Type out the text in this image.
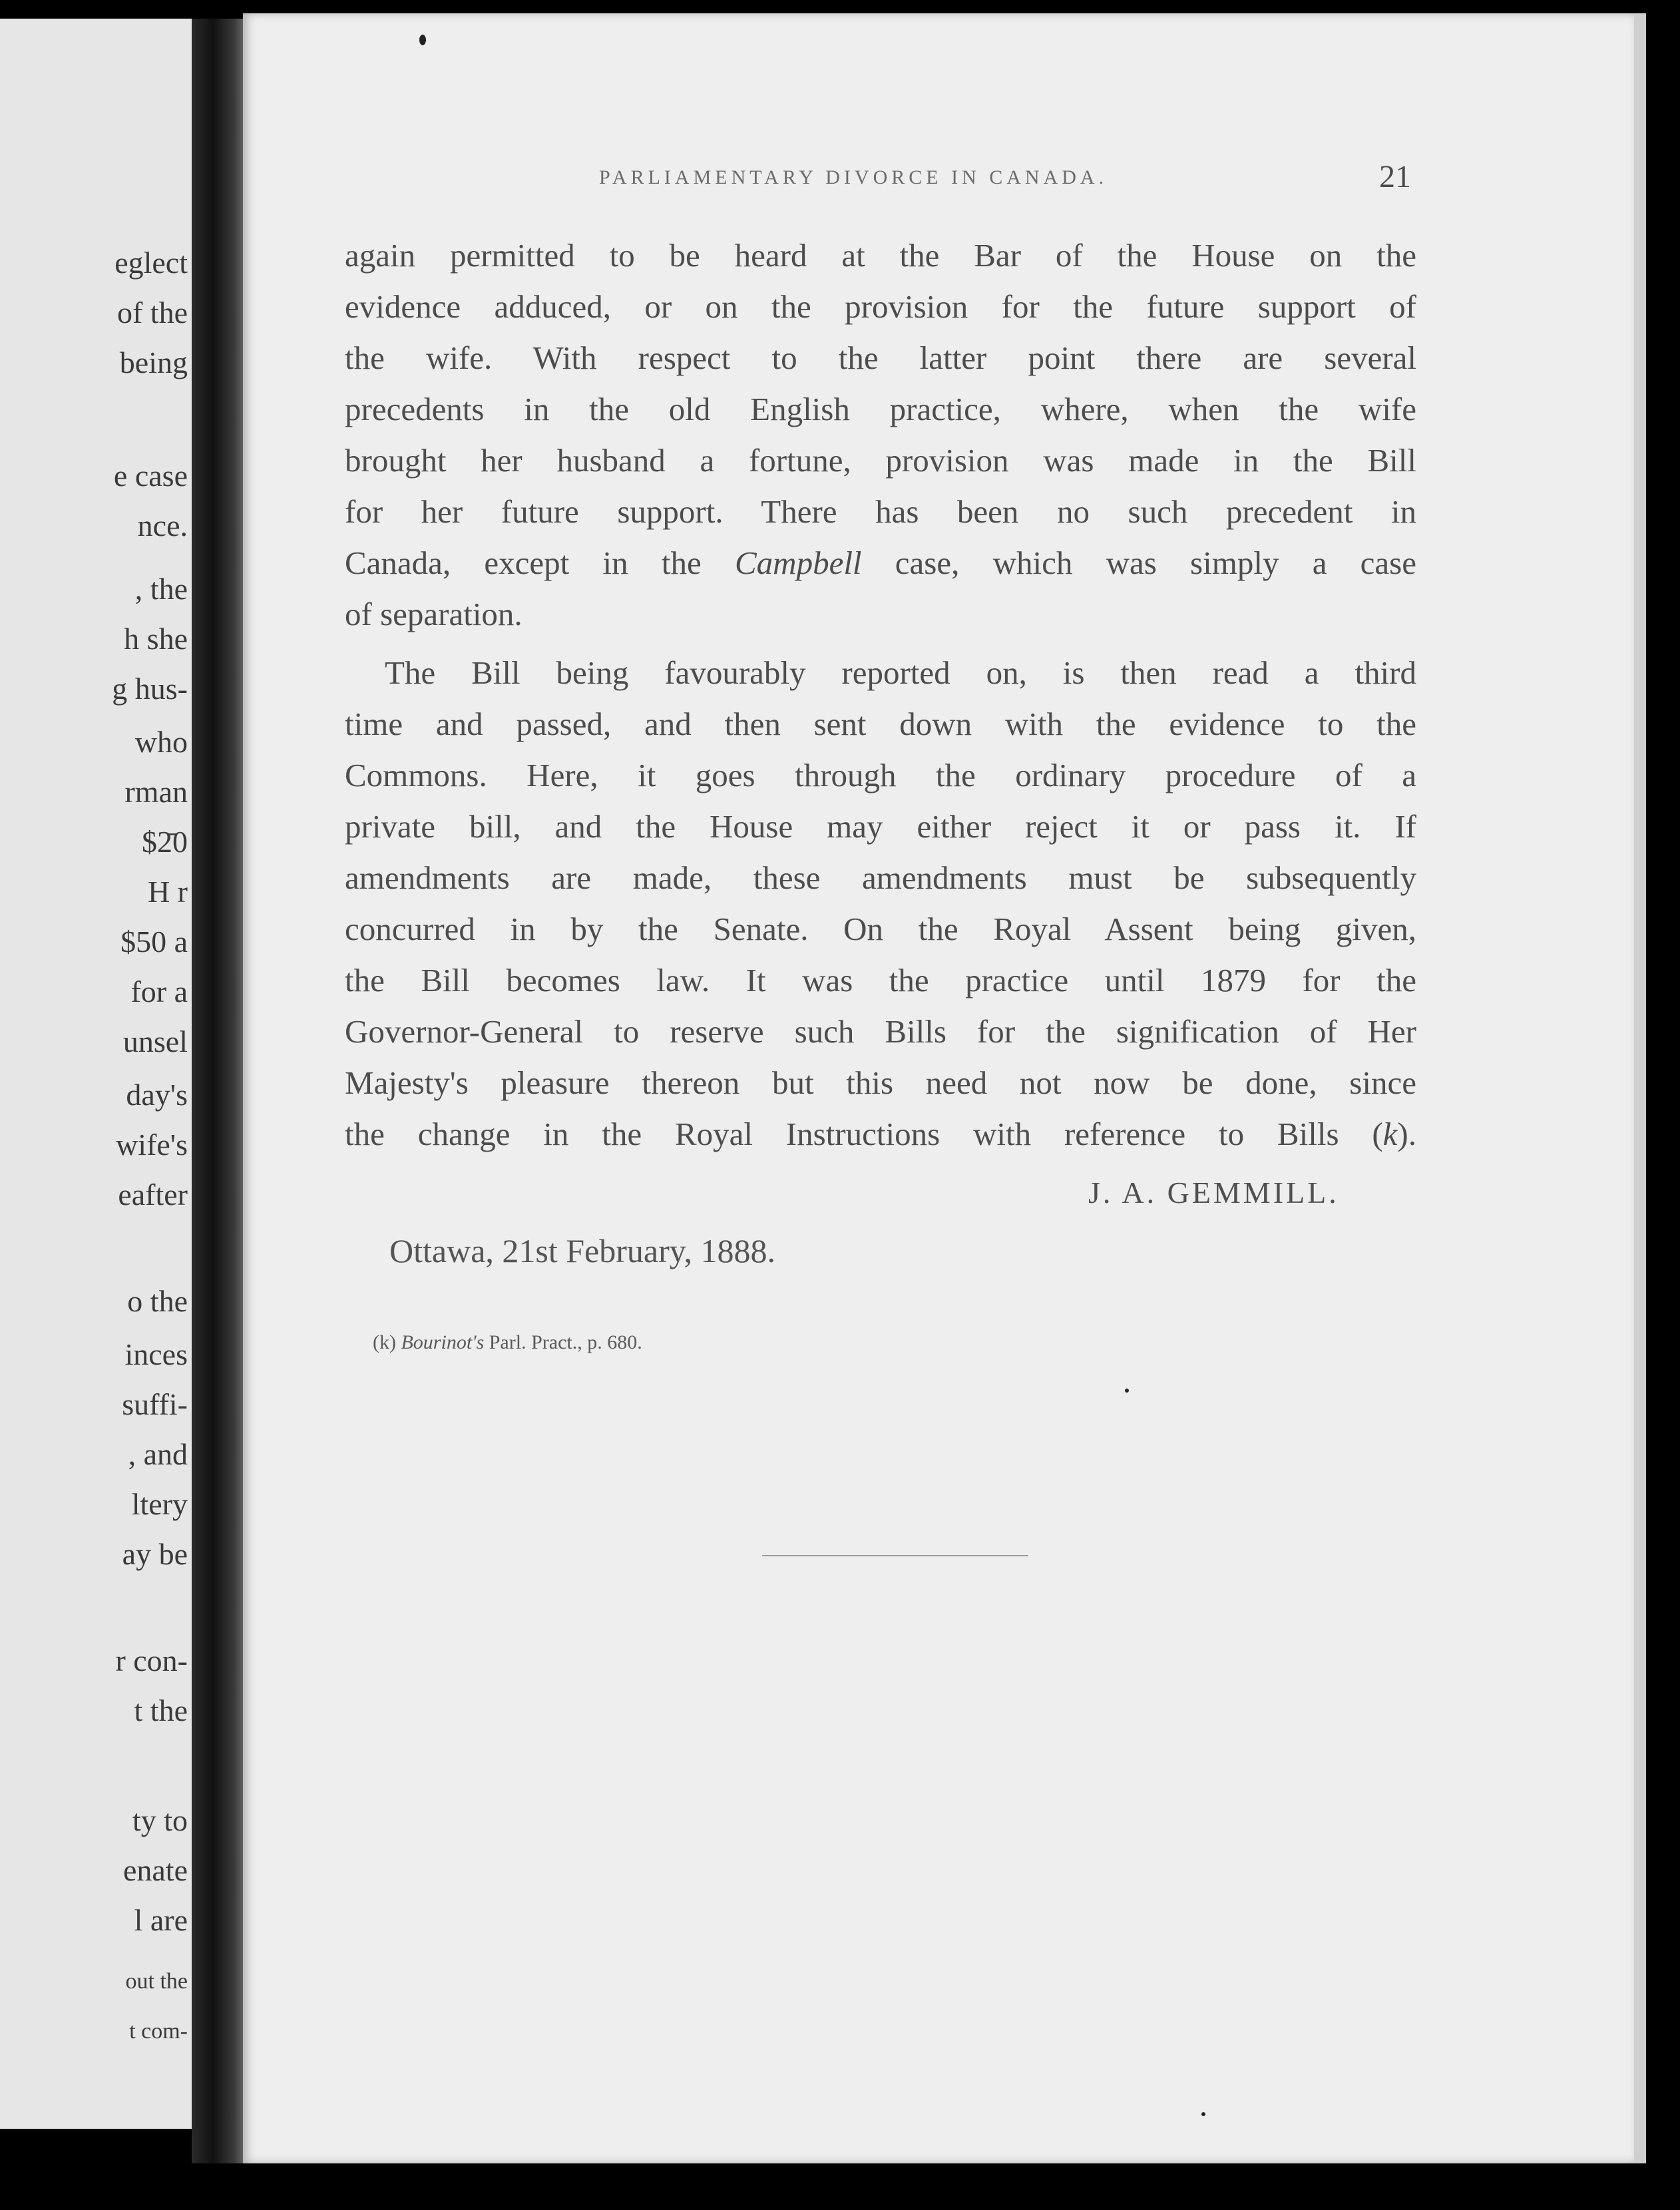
eglect
of the
being
e case
nce.
, the
h she
g hus-
who
rman
$2̄0
H r
$50 a
for a
unsel
day's
wife's
eafter
o the
inces
suffi-
, and
ltery
ay be
r con-
t the
ty to
enate
l are
out the
t com-
PARLIAMENTARY DIVORCE IN CANADA.	21
again permitted to be heard at the Bar of the House on the
evidence adduced, or on the provision for the future support of
the wife. With respect to the latter point there are several
precedents in the old English practice, where, when the wife
brought her husband a fortune, provision was made in the Bill
for her future support. There has been no such precedent in
Canada, except in the Campbell case, which was simply a case
of separation.
The Bill being favourably reported on, is then read a third
time and passed, and then sent down with the evidence to the
Commons. Here, it goes through the ordinary procedure of a
private bill, and the House may either reject it or pass it. If
amendments are made, these amendments must be subsequently
concurred in by the Senate. On the Royal Assent being given,
the Bill becomes law. It was the practice until 1879 for the
Governor-General to reserve such Bills for the signification of Her
Majesty's pleasure thereon but this need not now be done, since
the change in the Royal Instructions with reference to Bills (k).
J. A. GEMMILL.
Ottawa, 21st February, 1888.
(k) Bourinot's Parl. Pract., p. 680.
